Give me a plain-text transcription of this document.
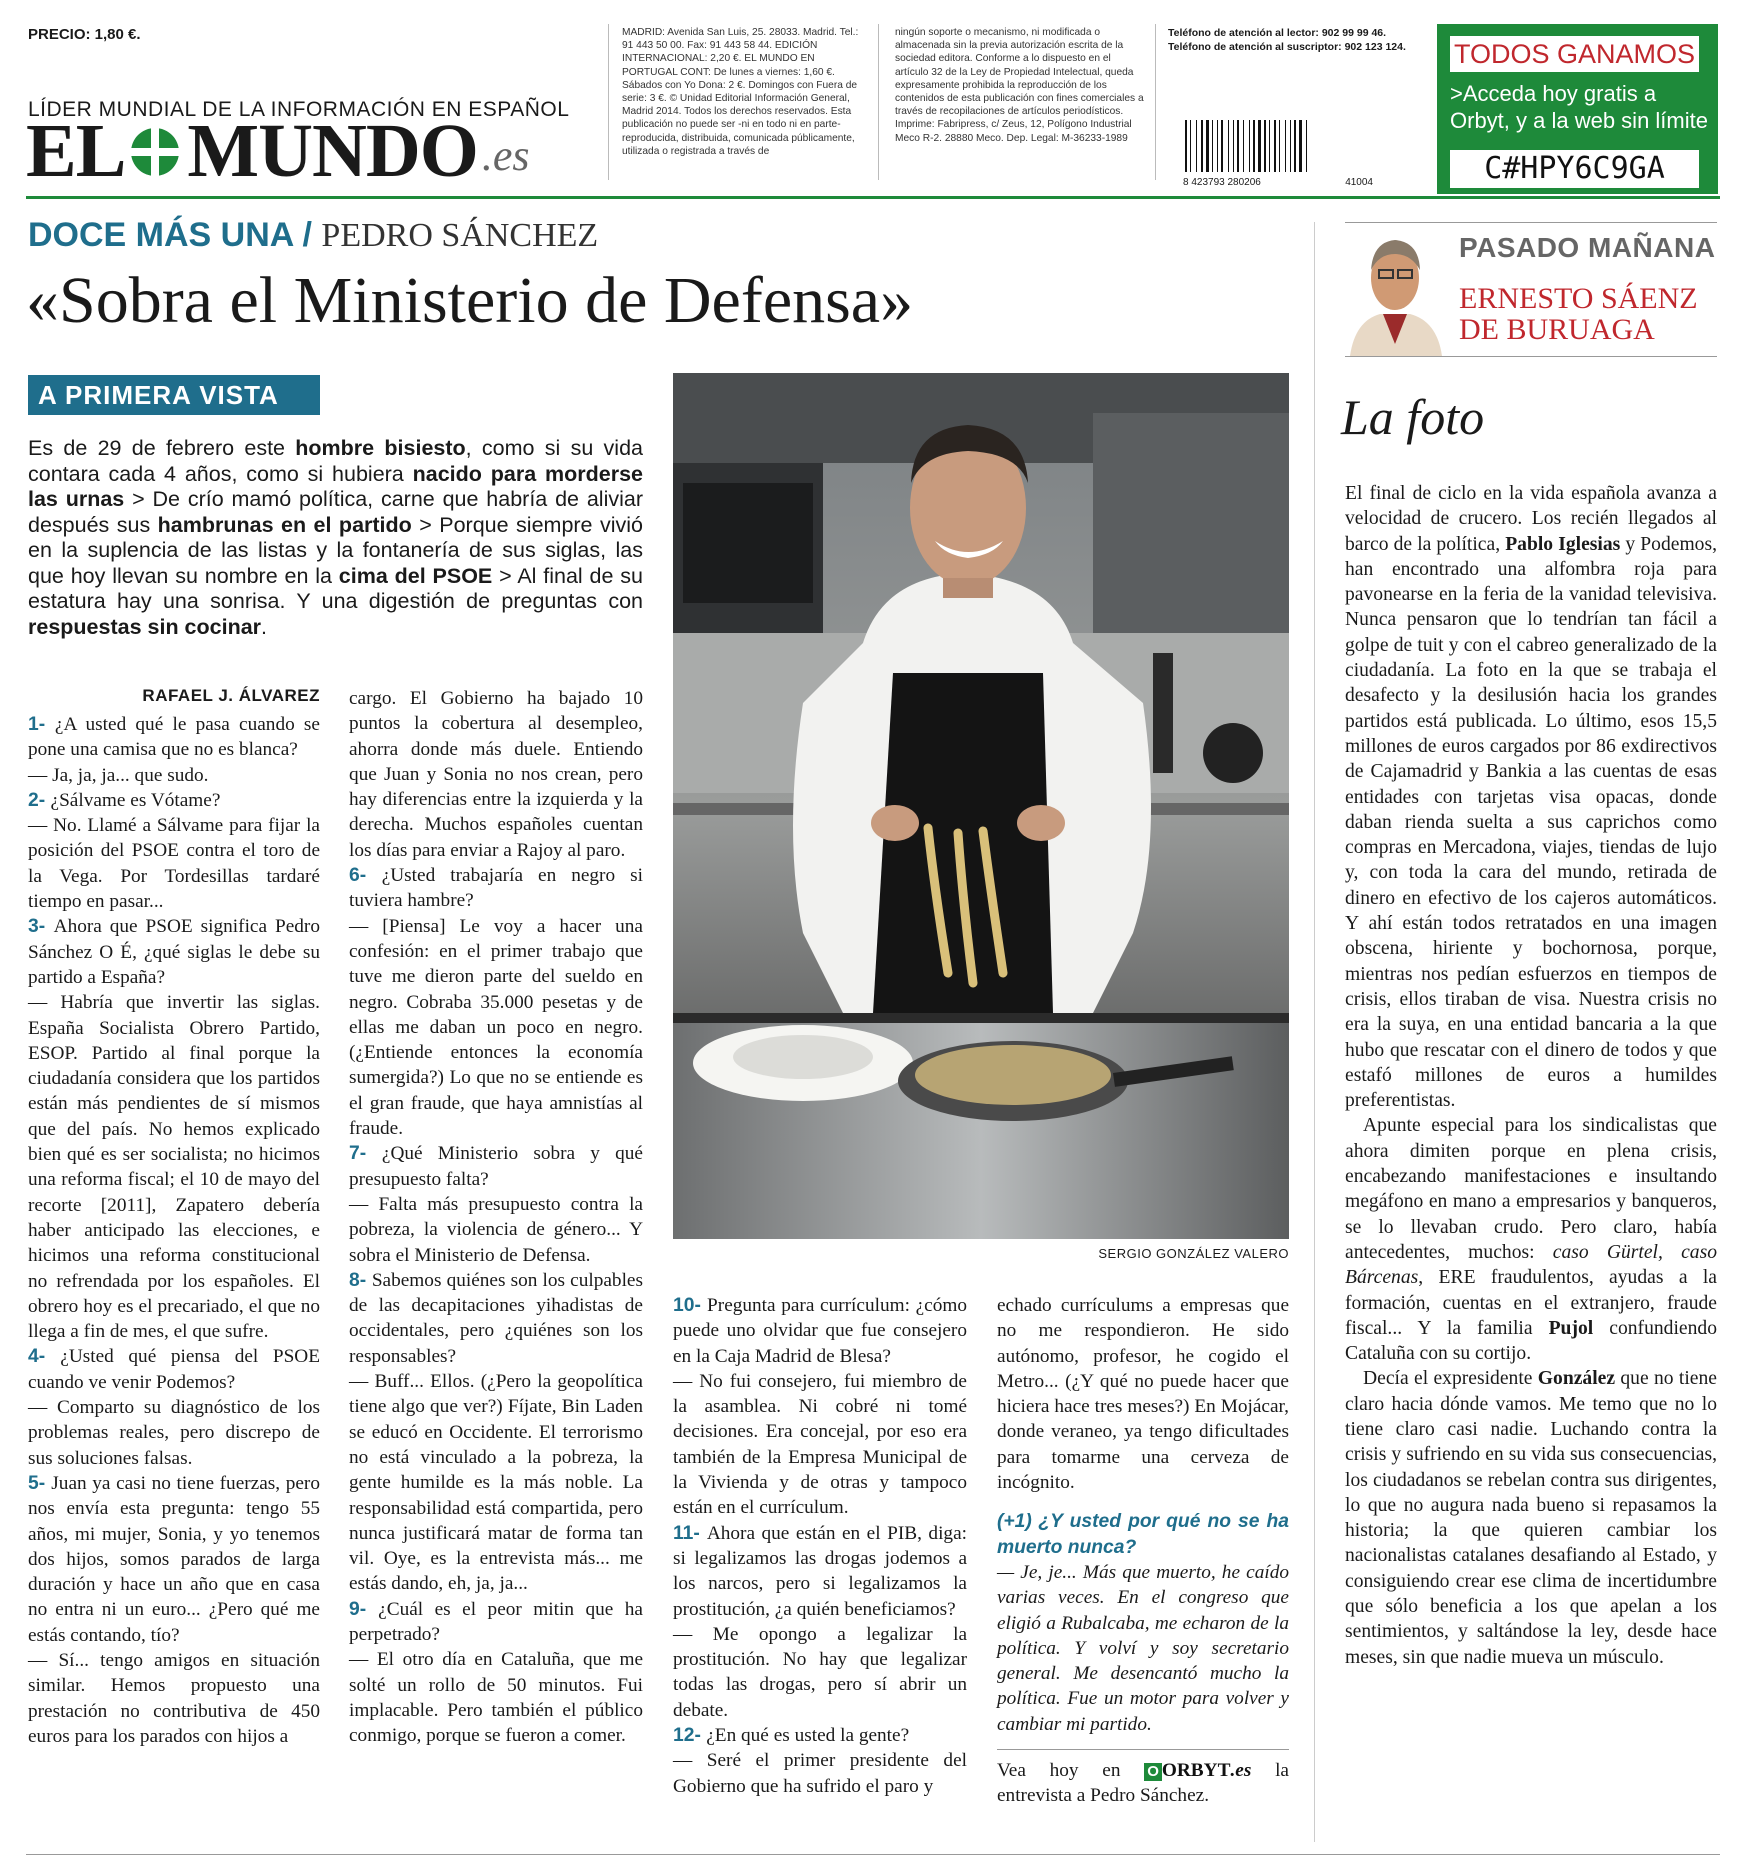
PRECIO: 1,80 €.
LÍDER MUNDIAL DE LA INFORMACIÓN EN ESPAÑOL
EL MUNDO .es
MADRID: Avenida San Luis, 25. 28033. Madrid. Tel.: 91 443 50 00. Fax: 91 443 58 44. EDICIÓN INTERNACIONAL: 2,20 €. EL MUNDO EN PORTUGAL CONT: De lunes a viernes: 1,60 €. Sábados con Yo Dona: 2 €. Domingos con Fuera de serie: 3 €. © Unidad Editorial Información General, Madrid 2014. Todos los derechos reservados. Esta publicación no puede ser -ni en todo ni en parte- reproducida, distribuida, comunicada públicamente, utilizada o registrada a través de
ningún soporte o mecanismo, ni modificada o almacenada sin la previa autorización escrita de la sociedad editora. Conforme a lo dispuesto en el artículo 32 de la Ley de Propiedad Intelectual, queda expresamente prohibida la reproducción de los contenidos de esta publicación con fines comerciales a través de recopilaciones de artículos periodísticos. Imprime: Fabripress, c/ Zeus, 12, Polígono Industrial Meco R-2. 28880 Meco. Dep. Legal: M-36233-1989
Teléfono de atención al lector: 902 99 99 46.
Teléfono de atención al suscriptor: 902 123 124.
8 423793 280206	41004
TODOS GANAMOS
>Acceda hoy gratis a Orbyt, y a la web sin límite
C#HPY6C9GA
DOCE MÁS UNA / PEDRO SÁNCHEZ
«Sobra el Ministerio de Defensa»
A PRIMERA VISTA
Es de 29 de febrero este hombre bisiesto, como si su vida contara cada 4 años, como si hubiera nacido para morderse las urnas > De crío mamó política, carne que habría de aliviar después sus hambrunas en el partido > Porque siempre vivió en la suplencia de las listas y la fontanería de sus siglas, las que hoy llevan su nombre en la cima del PSOE > Al final de su estatura hay una sonrisa. Y una digestión de preguntas con respuestas sin cocinar.
RAFAEL J. ÁLVAREZ

1- ¿A usted qué le pasa cuando se pone una camisa que no es blanca?

— Ja, ja, ja... que sudo.

2- ¿Sálvame es Vótame?

— No. Llamé a Sálvame para fijar la posición del PSOE contra el toro de la Vega. Por Tordesillas tardaré tiempo en pasar...

3- Ahora que PSOE significa Pedro Sánchez O É, ¿qué siglas le debe su partido a España?

— Habría que invertir las siglas. España Socialista Obrero Partido, ESOP. Partido al final porque la ciudadanía considera que los partidos están más pendientes de sí mismos que del país. No hemos explicado bien qué es ser socialista; no hicimos una reforma fiscal; el 10 de mayo del recorte [2011], Zapatero debería haber anticipado las elecciones, e hicimos una reforma constitucional no refrendada por los españoles. El obrero hoy es el precariado, el que no llega a fin de mes, el que sufre.

4- ¿Usted qué piensa del PSOE cuando ve venir Podemos?

— Comparto su diagnóstico de los problemas reales, pero discrepo de sus soluciones falsas.

5- Juan ya casi no tiene fuerzas, pero nos envía esta pregunta: tengo 55 años, mi mujer, Sonia, y yo tenemos dos hijos, somos parados de larga duración y hace un año que en casa no entra ni un euro... ¿Pero qué me estás contando, tío?

— Sí... tengo amigos en situación similar. Hemos propuesto una prestación no contributiva de 450 euros para los parados con hijos a

cargo. El Gobierno ha bajado 10 puntos la cobertura al desempleo, ahorra donde más duele. Entiendo que Juan y Sonia no nos crean, pero hay diferencias entre la izquierda y la derecha. Muchos españoles cuentan los días para enviar a Rajoy al paro.

6- ¿Usted trabajaría en negro si tuviera hambre?

— [Piensa] Le voy a hacer una confesión: en el primer trabajo que tuve me dieron parte del sueldo en negro. Cobraba 35.000 pesetas y de ellas me daban un poco en negro. (¿Entiende entonces la economía sumergida?) Lo que no se entiende es el gran fraude, que haya amnistías al fraude.

7- ¿Qué Ministerio sobra y qué presupuesto falta?

— Falta más presupuesto contra la pobreza, la violencia de género... Y sobra el Ministerio de Defensa.

8- Sabemos quiénes son los culpables de las decapitaciones yihadistas de occidentales, pero ¿quiénes son los responsables?

— Buff... Ellos. (¿Pero la geopolítica tiene algo que ver?) Fíjate, Bin Laden se educó en Occidente. El terrorismo no está vinculado a la pobreza, la gente humilde es la más noble. La responsabilidad está compartida, pero nunca justificará matar de forma tan vil. Oye, es la entrevista más... me estás dando, eh, ja, ja...

9- ¿Cuál es el peor mitin que ha perpetrado?

— El otro día en Cataluña, que me solté un rollo de 50 minutos. Fui implacable. Pero también el público conmigo, porque se fueron a comer.

SERGIO GONZÁLEZ VALERO

10- Pregunta para currículum: ¿cómo puede uno olvidar que fue consejero en la Caja Madrid de Blesa?

— No fui consejero, fui miembro de la asamblea. Ni cobré ni tomé decisiones. Era concejal, por eso era también de la Empresa Municipal de la Vivienda y de otras y tampoco están en el currículum.

11- Ahora que están en el PIB, diga: si legalizamos las drogas jodemos a los narcos, pero si legalizamos la prostitución, ¿a quién beneficiamos?

— Me opongo a legalizar la prostitución. No hay que legalizar todas las drogas, pero sí abrir un debate.

12- ¿En qué es usted la gente?

— Seré el primer presidente del Gobierno que ha sufrido el paro y

echado currículums a empresas que no me respondieron. He sido autónomo, profesor, he cogido el Metro... (¿Y qué no puede hacer que hiciera hace tres meses?) En Mojácar, donde veraneo, ya tengo dificultades para tomarme una cerveza de incógnito.

(+1) ¿Y usted por qué no se ha muerto nunca?

— Je, je... Más que muerto, he caído varias veces. En el congreso que eligió a Rubalcaba, me echaron de la política. Y volví y soy secretario general. Me desencantó mucho la política. Fue un motor para volver y cambiar mi partido.

Vea hoy en O ORBYT.es la entrevista a Pedro Sánchez.

PASADO MAÑANA
ERNESTO SÁENZ
DE BURUAGA
La foto

El final de ciclo en la vida española avanza a velocidad de crucero. Los recién llegados al barco de la política, Pablo Iglesias y Podemos, han encontrado una alfombra roja para pavonearse en la feria de la vanidad televisiva. Nunca pensaron que lo tendrían tan fácil a golpe de tuit y con el cabreo generalizado de la ciudadanía. La foto en la que se trabaja el desafecto y la desilusión hacia los grandes partidos está publicada. Lo último, esos 15,5 millones de euros cargados por 86 exdirectivos de Cajamadrid y Bankia a las cuentas de esas entidades con tarjetas visa opacas, donde daban rienda suelta a sus caprichos como compras en Mercadona, viajes, tiendas de lujo y, con toda la cara del mundo, retirada de dinero en efectivo de los cajeros automáticos. Y ahí están todos retratados en una imagen obscena, hiriente y bochornosa, porque, mientras nos pedían esfuerzos en tiempos de crisis, ellos tiraban de visa. Nuestra crisis no era la suya, en una entidad bancaria a la que hubo que rescatar con el dinero de todos y que estafó millones de euros a humildes preferentistas.

Apunte especial para los sindicalistas que ahora dimiten porque en plena crisis, encabezando manifestaciones e insultando megáfono en mano a empresarios y banqueros, se lo llevaban crudo. Pero claro, había antecedentes, muchos: caso Gürtel, caso Bárcenas, ERE fraudulentos, ayudas a la formación, cuentas en el extranjero, fraude fiscal... Y la familia Pujol confundiendo Cataluña con su cortijo.

Decía el expresidente González que no tiene claro hacia dónde vamos. Me temo que no lo tiene claro casi nadie. Luchando contra la crisis y sufriendo en su vida sus consecuencias, los ciudadanos se rebelan contra sus dirigentes, lo que no augura nada bueno si repasamos la historia; la que quieren cambiar los nacionalistas catalanes desafiando al Estado, y consiguiendo crear ese clima de incertidumbre que sólo beneficia a los que apelan a los sentimientos, y saltándose la ley, desde hace meses, sin que nadie mueva un músculo.
